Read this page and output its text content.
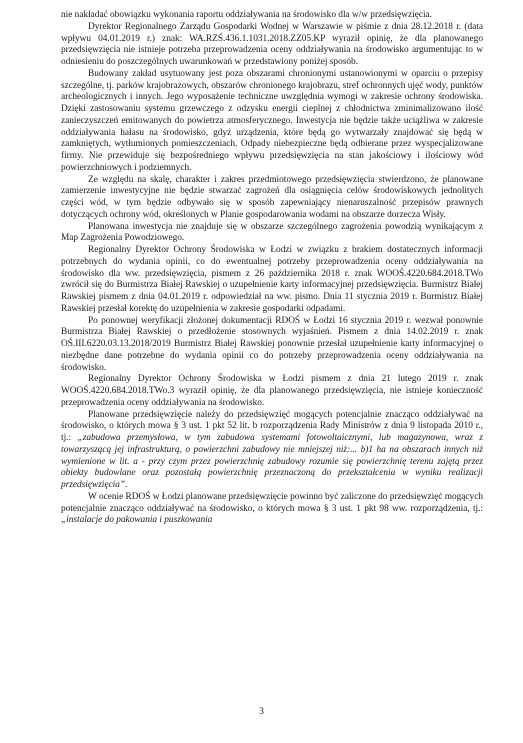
nie nakładać obowiązku wykonania raportu oddziaływania na środowisko dla w/w przedsięwzięcia.

Dyrektor Regionalnego Zarządu Gospodarki Wodnej w Warszawie w piśmie z dnia 28.12.2018 r. (data wpływu 04.01.2019 r.) znak: WA.RZŚ.436.1.1031.2018.ZZ05.KP wyraził opinię, że dla planowanego przedsięwzięcia nie istnieje potrzeba przeprowadzenia oceny oddziaływania na środowisko argumentując to w odniesieniu do poszczególnych uwarunkowań w przedstawiony poniżej sposób.

Budowany zakład usytuowany jest poza obszarami chronionymi ustanowionymi w oparciu o przepisy szczególne, tj. parków krajobrazowych, obszarów chronionego krajobrazu, stref ochronnych ujęć wody, punktów archeologicznych i innych. Jego wyposażenie techniczne uwzględnia wymogi w zakresie ochrony środowiska. Dzięki zastosowaniu systemu grzewczego z odzysku energii cieplnej z chłodnictwa zminimalizowano ilość zanieczyszczeń emitowanych do powietrza atmosferycznego. Inwestycja nie będzie także uciążliwa w zakresie oddziaływania hałasu na środowisko, gdyż urządzenia, które będą go wytwarzały znajdować się będą w zamkniętych, wytłumionych pomieszczeniach. Odpady niebezpieczne będą odbierane przez wyspecjalizowane firmy. Nie przewiduje się bezpośredniego wpływu przedsięwzięcia na stan jakościowy i ilościowy wód powierzchniowych i podziemnych.

Ze względu na skalę, charakter i zakres przedmiotowego przedsięwzięcia stwierdzono, że planowane zamierzenie inwestycyjne nie będzie stwarzać zagrożeń dla osiągnięcia celów środowiskowych jednolitych części wód, w tym będzie odbywało się w sposób zapewniający nienaruszalność przepisów prawnych dotyczących ochrony wód, określonych w Planie gospodarowania wodami na obszarze dorzecza Wisły.

Planowana inwestycja nie znajduje się w obszarze szczególnego zagrożenia powodzią wynikającym z Map Zagrożenia Powodziowego.

Regionalny Dyrektor Ochrony Środowiska w Łodzi w związku z brakiem dostatecznych informacji potrzebnych do wydania opinii, co do ewentualnej potrzeby przeprowadzenia oceny oddziaływania na środowisko dla ww. przedsięwzięcia, pismem z 26 października 2018 r. znak WOOŚ.4220.684.2018.TWo zwrócił się do Burmistrza Białej Rawskiej o uzupełnienie karty informacyjnej przedsięwzięcia. Burmistrz Białej Rawskiej pismem z dnia 04.01.2019 r. odpowiedział na ww. pismo. Dnia 11 stycznia 2019 r. Burmistrz Białej Rawskiej przesłał korektę do uzupełnienia w zakresie gospodarki odpadami.

Po ponownej weryfikacji złożonej dokumentacji RDOŚ w Łodzi 16 stycznia 2019 r. wezwał ponownie Burmistrza Białej Rawskiej o przedłożenie stosownych wyjaśnień. Pismem z dnia 14.02.2019 r. znak OŚ.III.6220.03.13.2018/2019 Burmistrz Białej Rawskiej ponownie przesłał uzupełnienie karty informacyjnej o niezbędne dane potrzebne do wydania opinii co do potrzeby przeprowadzenia oceny oddziaływania na środowisko.

Regionalny Dyrektor Ochrony Środowiska w Łodzi pismem z dnia 21 lutego 2019 r. znak WOOŚ.4220.684.2018.TWo.3 wyraził opinię, że dla planowanego przedsięwzięcia, nie istnieje konieczność przeprowadzenia oceny oddziaływania na środowisko.

Planowane przedsięwzięcie należy do przedsięwzięć mogących potencjalnie znacząco oddziaływać na środowisko, o których mowa § 3 ust. 1 pkt 52 lit. b rozporządzenia Rady Ministrów z dnia 9 listopada 2010 r., tj.: „zabudowa przemysłowa, w tym zabudowa systemami fotowoltaicznymi, lub magazynowa, wraz z towarzyszącą jej infrastrukturą, o powierzchni zabudowy nie mniejszej niż:... b)1 ha na obszarach innych niż wymienione w lit. a - przy czym przez powierzchnię zabudowy rozumie się powierzchnię terenu zajętą przez obiekty budowlane oraz pozostałą powierzchnię przeznaczoną do przekształcenia w wyniku realizacji przedsięwzięcia”.

W ocenie RDOŚ w Łodzi planowane przedsięwzięcie powinno być zaliczone do przedsięwzięć mogących potencjalnie znacząco oddziaływać na środowisko, o których mowa § 3 ust. 1 pkt 98 ww. rozporządzenia, tj.: „instalacje do pakowania i puszkowania

3
